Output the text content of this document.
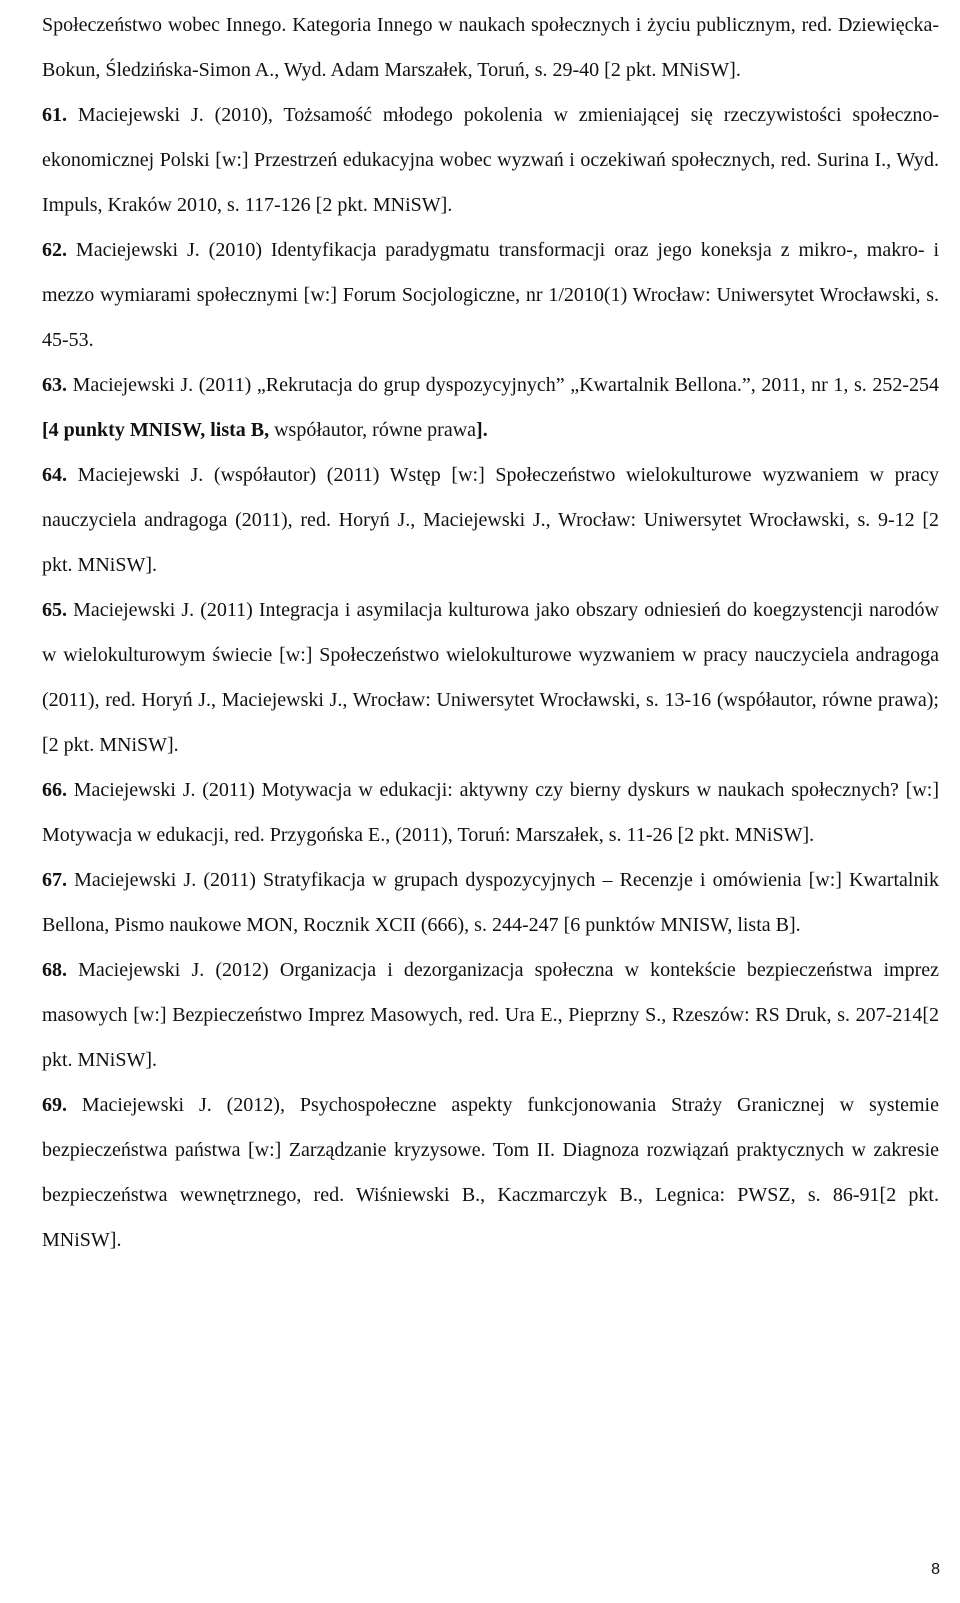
Społeczeństwo wobec Innego. Kategoria Innego w naukach społecznych i życiu publicznym, red. Dziewięcka-Bokun, Śledzińska-Simon A., Wyd. Adam Marszałek, Toruń, s. 29-40 [2 pkt. MNiSW].
61. Maciejewski J. (2010), Tożsamość młodego pokolenia w zmieniającej się rzeczywistości społeczno-ekonomicznej Polski [w:] Przestrzeń edukacyjna wobec wyzwań i oczekiwań społecznych, red. Surina I., Wyd. Impuls, Kraków 2010, s. 117-126 [2 pkt. MNiSW].
62. Maciejewski J. (2010) Identyfikacja paradygmatu transformacji oraz jego koneksja z mikro-, makro- i mezzo wymiarami społecznymi [w:] Forum Socjologiczne, nr 1/2010(1) Wrocław: Uniwersytet Wrocławski, s. 45-53.
63. Maciejewski J. (2011) „Rekrutacja do grup dyspozycyjnych” „Kwartalnik Bellona.”, 2011, nr 1, s. 252-254 [4 punkty MNISW, lista B, współautor, równe prawa].
64. Maciejewski J. (współautor) (2011) Wstęp [w:] Społeczeństwo wielokulturowe wyzwaniem w pracy nauczyciela andragoga (2011), red. Horyń J., Maciejewski J., Wrocław: Uniwersytet Wrocławski, s. 9-12 [2 pkt. MNiSW].
65. Maciejewski J. (2011) Integracja i asymilacja kulturowa jako obszary odniesień do koegzystencji narodów w wielokulturowym świecie [w:] Społeczeństwo wielokulturowe wyzwaniem w pracy nauczyciela andragoga (2011), red. Horyń J., Maciejewski J., Wrocław: Uniwersytet Wrocławski, s. 13-16 (współautor, równe prawa); [2 pkt. MNiSW].
66. Maciejewski J. (2011) Motywacja w edukacji: aktywny czy bierny dyskurs w naukach społecznych? [w:] Motywacja w edukacji, red. Przygońska E., (2011), Toruń: Marszałek, s. 11-26 [2 pkt. MNiSW].
67. Maciejewski J. (2011) Stratyfikacja w grupach dyspozycyjnych – Recenzje i omówienia [w:] Kwartalnik Bellona, Pismo naukowe MON, Rocznik XCII (666), s. 244-247 [6 punktów MNISW, lista B].
68. Maciejewski J. (2012) Organizacja i dezorganizacja społeczna w kontekście bezpieczeństwa imprez masowych [w:] Bezpieczeństwo Imprez Masowych, red. Ura E., Pieprzny S., Rzeszów: RS Druk, s. 207-214[2 pkt. MNiSW].
69. Maciejewski J. (2012), Psychospołeczne aspekty funkcjonowania Straży Granicznej w systemie bezpieczeństwa państwa [w:] Zarządzanie kryzysowe. Tom II. Diagnoza rozwiązań praktycznych w zakresie bezpieczeństwa wewnętrznego, red. Wiśniewski B., Kaczmarczyk B., Legnica: PWSZ, s. 86-91[2 pkt. MNiSW].
8
